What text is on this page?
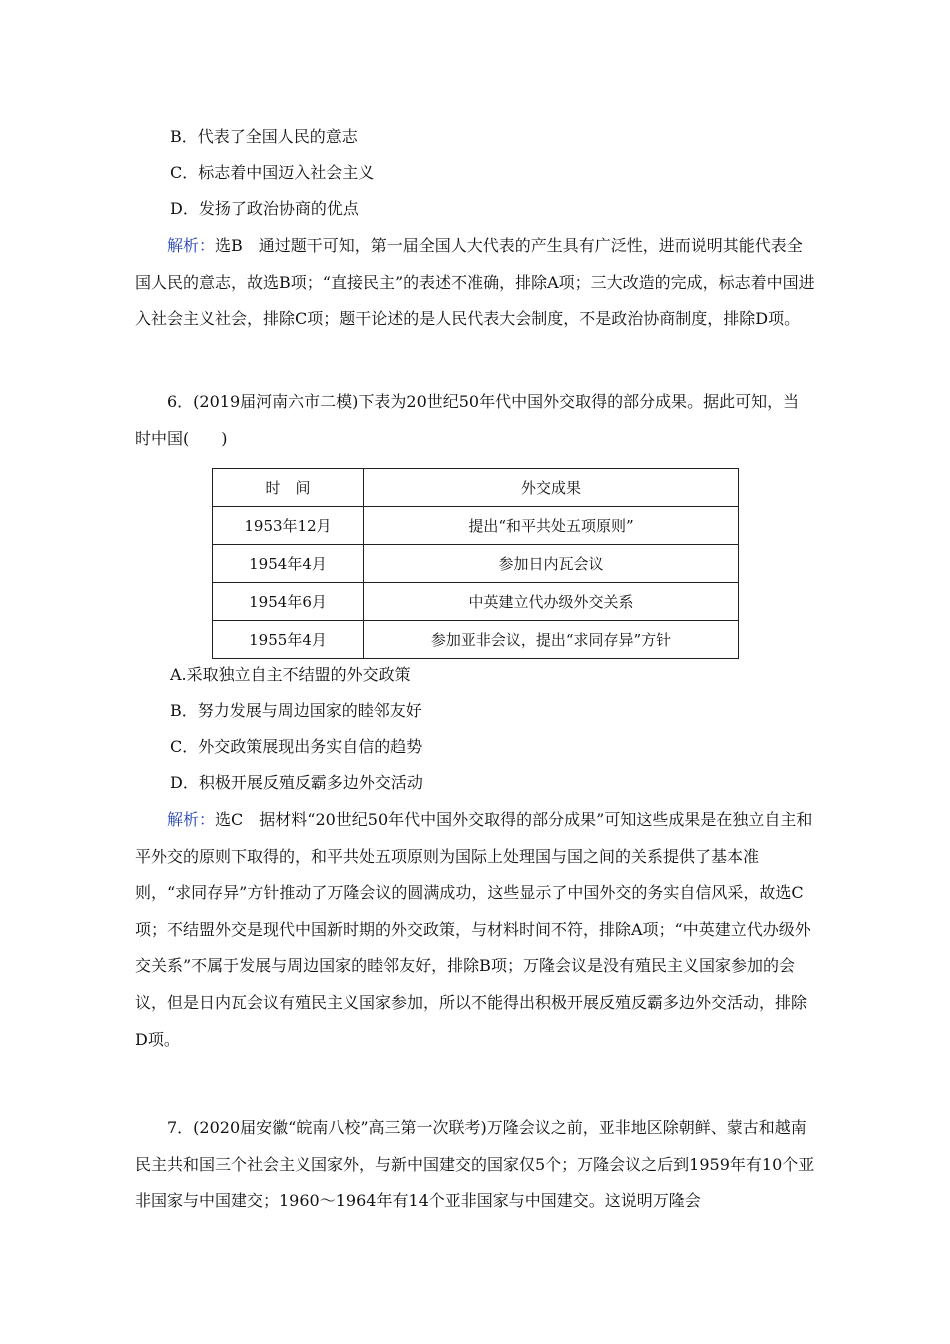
B．代表了全国人民的意志
C．标志着中国迈入社会主义
D．发扬了政治协商的优点
解析：选B　通过题干可知，第一届全国人大代表的产生具有广泛性，进而说明其能代表全国人民的意志，故选B项；“直接民主”的表述不准确，排除A项；三大改造的完成，标志着中国进入社会主义社会，排除C项；题干论述的是人民代表大会制度，不是政治协商制度，排除D项。
6．(2019届河南六市二模)下表为20世纪50年代中国外交取得的部分成果。据此可知，当时中国(　　)
时　间	外交成果
1953年12月	提出“和平共处五项原则”
1954年4月	参加日内瓦会议
1954年6月	中英建立代办级外交关系
1955年4月	参加亚非会议，提出“求同存异”方针
A.采取独立自主不结盟的外交政策
B．努力发展与周边国家的睦邻友好
C．外交政策展现出务实自信的趋势
D．积极开展反殖反霸多边外交活动
解析：选C　据材料“20世纪50年代中国外交取得的部分成果”可知这些成果是在独立自主和平外交的原则下取得的，和平共处五项原则为国际上处理国与国之间的关系提供了基本准则，“求同存异”方针推动了万隆会议的圆满成功，这些显示了中国外交的务实自信风采，故选C项；不结盟外交是现代中国新时期的外交政策，与材料时间不符，排除A项；“中英建立代办级外交关系”不属于发展与周边国家的睦邻友好，排除B项；万隆会议是没有殖民主义国家参加的会议，但是日内瓦会议有殖民主义国家参加，所以不能得出积极开展反殖反霸多边外交活动，排除D项。
7．(2020届安徽“皖南八校”高三第一次联考)万隆会议之前，亚非地区除朝鲜、蒙古和越南民主共和国三个社会主义国家外，与新中国建交的国家仅5个；万隆会议之后到1959年有10个亚非国家与中国建交；1960～1964年有14个亚非国家与中国建交。这说明万隆会
